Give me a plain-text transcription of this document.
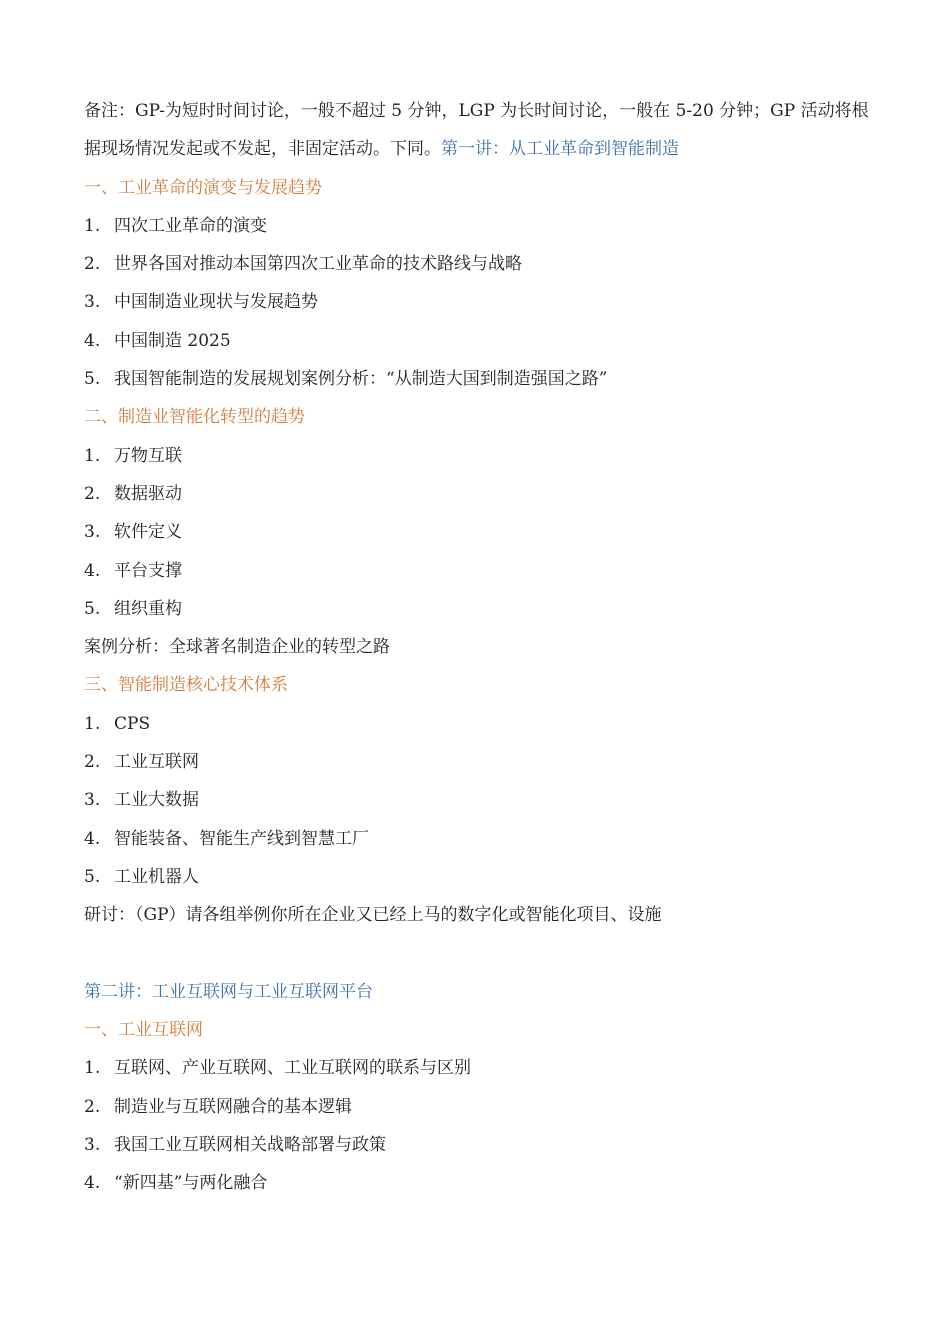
备注：GP-为短时时间讨论，一般不超过 5 分钟，LGP 为长时间讨论，一般在 5-20 分钟；GP 活动将根据现场情况发起或不发起，非固定活动。下同。第一讲：从工业革命到智能制造
一、工业革命的演变与发展趋势
1. 四次工业革命的演变
2. 世界各国对推动本国第四次工业革命的技术路线与战略
3. 中国制造业现状与发展趋势
4. 中国制造 2025
5. 我国智能制造的发展规划案例分析：“从制造大国到制造强国之路”
二、制造业智能化转型的趋势
1. 万物互联
2. 数据驱动
3. 软件定义
4. 平台支撑
5. 组织重构
案例分析：全球著名制造企业的转型之路
三、智能制造核心技术体系
1. CPS
2. 工业互联网
3. 工业大数据
4. 智能装备、智能生产线到智慧工厂
5. 工业机器人
研讨：（GP）请各组举例你所在企业又已经上马的数字化或智能化项目、设施
第二讲：工业互联网与工业互联网平台
一、工业互联网
1. 互联网、产业互联网、工业互联网的联系与区别
2. 制造业与互联网融合的基本逻辑
3. 我国工业互联网相关战略部署与政策
4. “新四基”与两化融合
